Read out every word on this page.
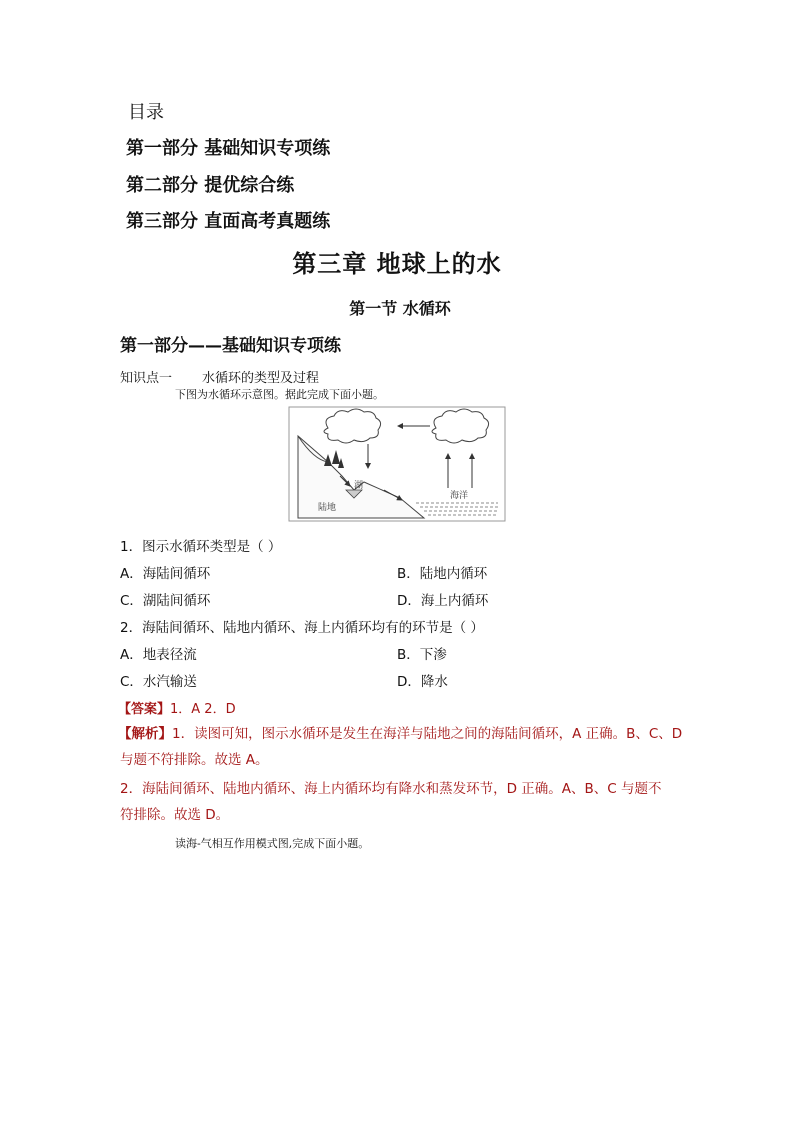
目录
第一部分 基础知识专项练
第二部分 提优综合练
第三部分 直面高考真题练
第三章 地球上的水
第一节 水循环
第一部分——基础知识专项练
知识点一 水循环的类型及过程
下图为水循环示意图。据此完成下面小题。
湖
海洋
陆地
1．图示水循环类型是（ ）
A．海陆间循环	B．陆地内循环
C．湖陆间循环	D．海上内循环
2．海陆间循环、陆地内循环、海上内循环均有的环节是（ ）
A．地表径流	B．下渗
C．水汽输送	D．降水
【答案】1．A 2．D
【解析】1．读图可知，图示水循环是发生在海洋与陆地之间的海陆间循环，A 正确。B、C、D
与题不符排除。故选 A。
2．海陆间循环、陆地内循环、海上内循环均有降水和蒸发环节，D 正确。A、B、C 与题不
符排除。故选 D。
读海-气相互作用模式图,完成下面小题。
